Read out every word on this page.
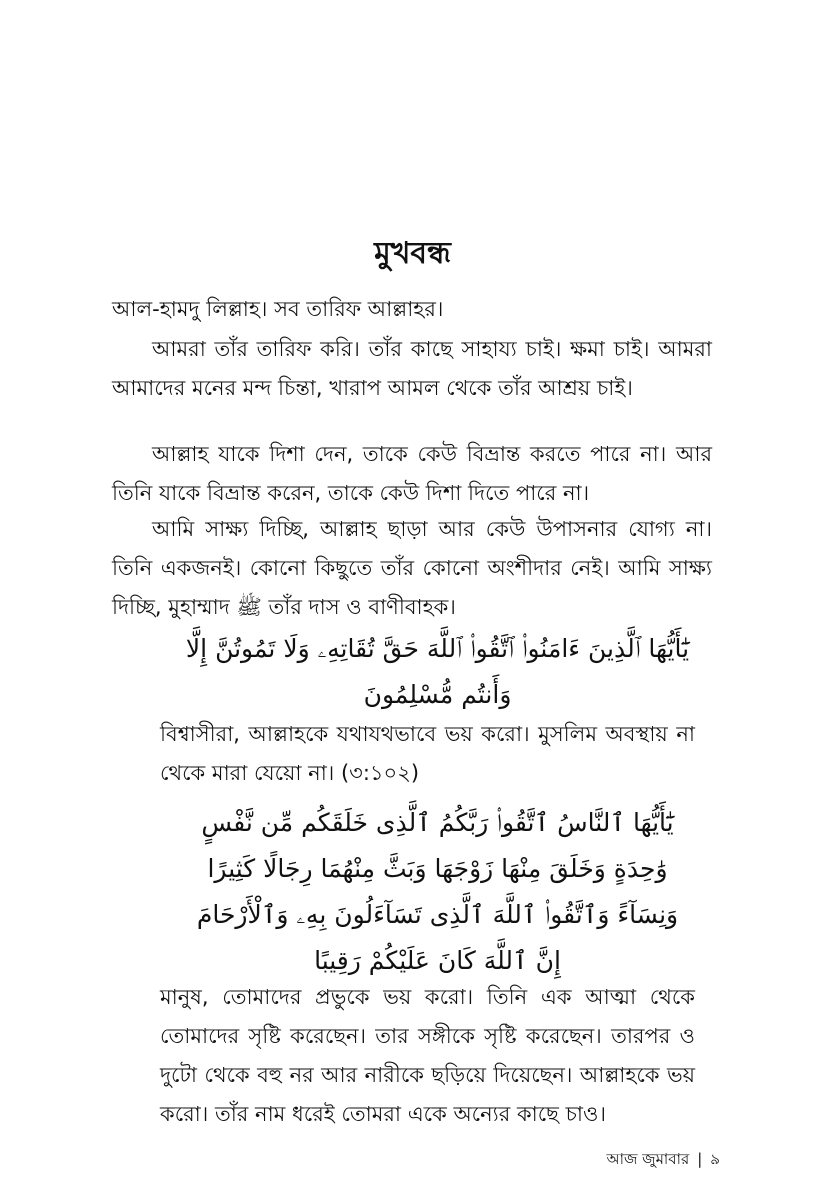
মুখবন্ধ

আল-হামদু লিল্লাহ। সব তারিফ আল্লাহর।

আমরা তাঁর তারিফ করি। তাঁর কাছে সাহায্য চাই। ক্ষমা চাই। আমরা আমাদের মনের মন্দ চিন্তা, খারাপ আমল থেকে তাঁর আশ্রয় চাই।

আল্লাহ যাকে দিশা দেন, তাকে কেউ বিভ্রান্ত করতে পারে না। আর তিনি যাকে বিভ্রান্ত করেন, তাকে কেউ দিশা দিতে পারে না।

আমি সাক্ষ্য দিচ্ছি, আল্লাহ ছাড়া আর কেউ উপাসনার যোগ্য না। তিনি একজনই। কোনো কিছুতে তাঁর কোনো অংশীদার নেই। আমি সাক্ষ্য দিচ্ছি, মুহাম্মাদ ﷺ তাঁর দাস ও বাণীবাহক।

يَٰٓأَيُّهَا ٱلَّذِينَ ءَامَنُوا۟ ٱتَّقُوا۟ ٱللَّهَ حَقَّ تُقَاتِهِۦ وَلَا تَمُوتُنَّ إِلَّا وَأَنتُم مُّسْلِمُونَ

বিশ্বাসীরা, আল্লাহকে যথাযথভাবে ভয় করো। মুসলিম অবস্থায় না থেকে মারা যেয়ো না। (৩:১০২)

يَٰٓأَيُّهَا ٱلنَّاسُ ٱتَّقُوا۟ رَبَّكُمُ ٱلَّذِى خَلَقَكُم مِّن نَّفْسٍ وَٰحِدَةٍ وَخَلَقَ مِنْهَا زَوْجَهَا وَبَثَّ مِنْهُمَا رِجَالًا كَثِيرًا وَنِسَآءً وَٱتَّقُوا۟ ٱللَّهَ ٱلَّذِى تَسَآءَلُونَ بِهِۦ وَٱلْأَرْحَامَ إِنَّ ٱللَّهَ كَانَ عَلَيْكُمْ رَقِيبًا

মানুষ, তোমাদের প্রভুকে ভয় করো। তিনি এক আত্মা থেকে তোমাদের সৃষ্টি করেছেন। তার সঙ্গীকে সৃষ্টি করেছেন। তারপর ও দুটো থেকে বহু নর আর নারীকে ছড়িয়ে দিয়েছেন। আল্লাহকে ভয় করো। তাঁর নাম ধরেই তোমরা একে অন্যের কাছে চাও।

আজ জুমাবার | ৯
